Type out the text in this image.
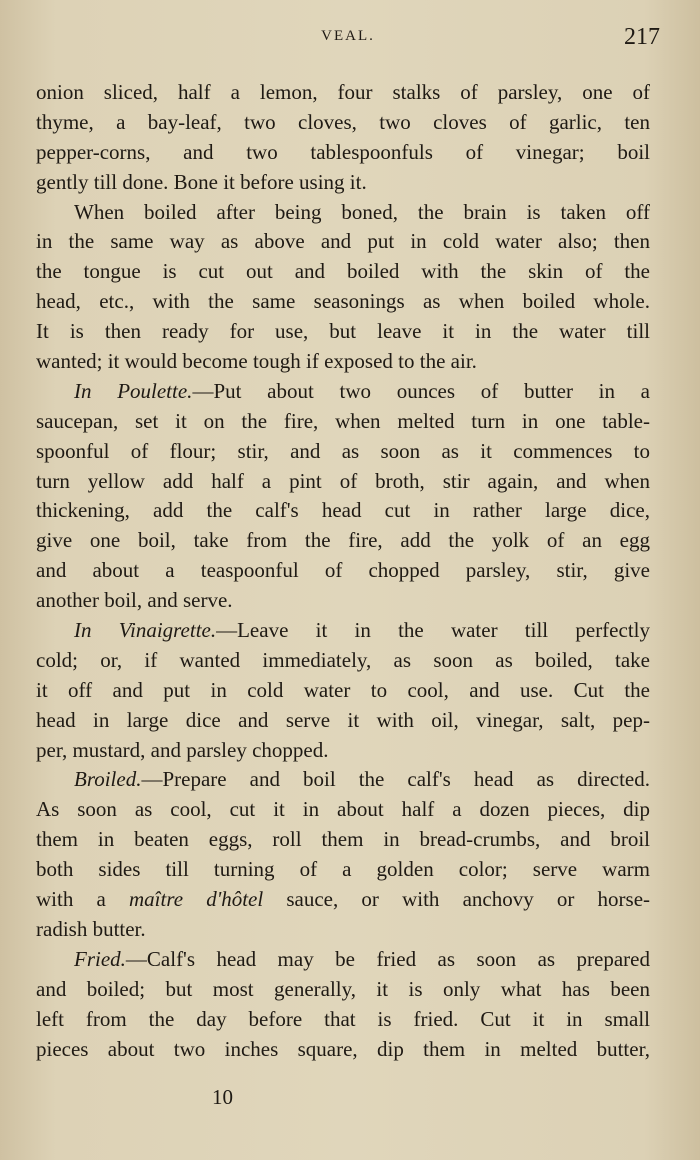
VEAL.	217
onion sliced, half a lemon, four stalks of parsley, one of
thyme, a bay-leaf, two cloves, two cloves of garlic, ten
pepper-corns, and two tablespoonfuls of vinegar; boil
gently till done. Bone it before using it.
When boiled after being boned, the brain is taken off
in the same way as above and put in cold water also; then
the tongue is cut out and boiled with the skin of the
head, etc., with the same seasonings as when boiled whole.
It is then ready for use, but leave it in the water till
wanted; it would become tough if exposed to the air.
In Poulette.—Put about two ounces of butter in a
saucepan, set it on the fire, when melted turn in one table-
spoonful of flour; stir, and as soon as it commences to
turn yellow add half a pint of broth, stir again, and when
thickening, add the calf's head cut in rather large dice,
give one boil, take from the fire, add the yolk of an egg
and about a teaspoonful of chopped parsley, stir, give
another boil, and serve.
In Vinaigrette.—Leave it in the water till perfectly
cold; or, if wanted immediately, as soon as boiled, take
it off and put in cold water to cool, and use. Cut the
head in large dice and serve it with oil, vinegar, salt, pep-
per, mustard, and parsley chopped.
Broiled.—Prepare and boil the calf's head as directed.
As soon as cool, cut it in about half a dozen pieces, dip
them in beaten eggs, roll them in bread-crumbs, and broil
both sides till turning of a golden color; serve warm
with a maître d'hôtel sauce, or with anchovy or horse-
radish butter.
Fried.—Calf's head may be fried as soon as prepared
and boiled; but most generally, it is only what has been
left from the day before that is fried. Cut it in small
pieces about two inches square, dip them in melted butter,
10
